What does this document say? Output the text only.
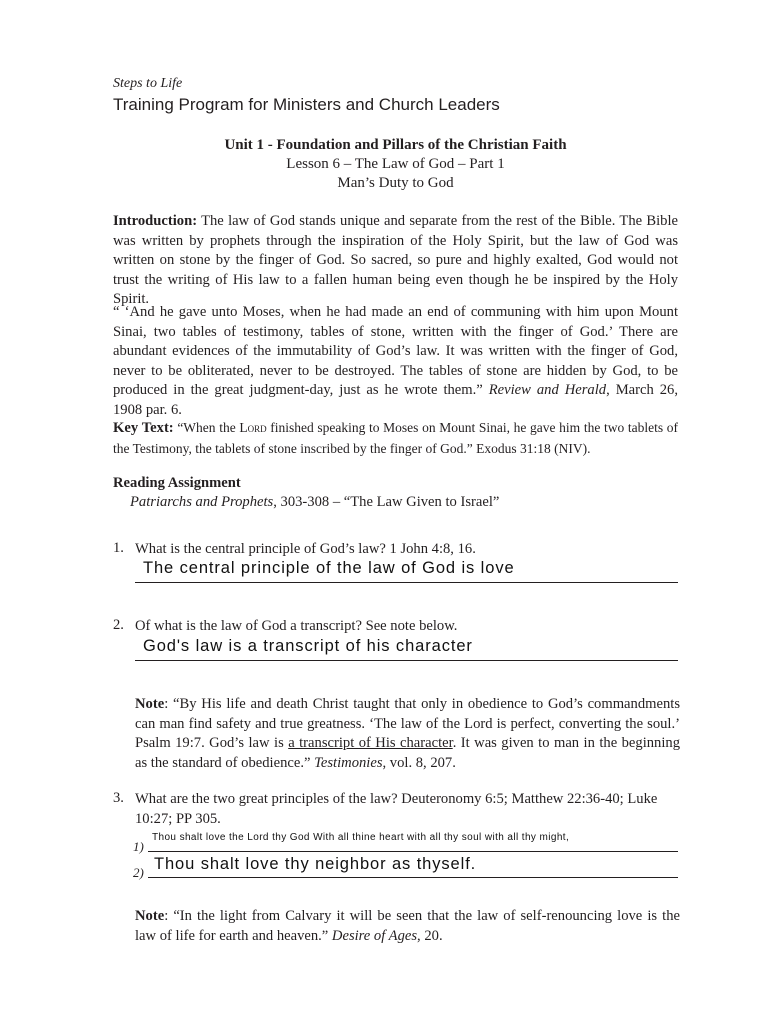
Steps to Life
Training Program for Ministers and Church Leaders
Unit 1 - Foundation and Pillars of the Christian Faith
Lesson 6 – The Law of God – Part 1
Man’s Duty to God
Introduction: The law of God stands unique and separate from the rest of the Bible. The Bible was written by prophets through the inspiration of the Holy Spirit, but the law of God was written on stone by the finger of God. So sacred, so pure and highly exalted, God would not trust the writing of His law to a fallen human being even though he be inspired by the Holy Spirit.
“ ‘And he gave unto Moses, when he had made an end of communing with him upon Mount Sinai, two tables of testimony, tables of stone, written with the finger of God.’ There are abundant evidences of the immutability of God’s law. It was written with the finger of God, never to be obliterated, never to be destroyed. The tables of stone are hidden by God, to be produced in the great judgment-day, just as he wrote them.” Review and Herald, March 26, 1908 par. 6.
Key Text: “When the Lord finished speaking to Moses on Mount Sinai, he gave him the two tablets of the Testimony, the tablets of stone inscribed by the finger of God.” Exodus 31:18 (NIV).
Reading Assignment
Patriarchs and Prophets, 303-308 – “The Law Given to Israel”
1. What is the central principle of God’s law? 1 John 4:8, 16.
The central principle of the law of God is love
2. Of what is the law of God a transcript? See note below.
God's law is a transcript of his character
Note: “By His life and death Christ taught that only in obedience to God’s commandments can man find safety and true greatness. ‘The law of the Lord is perfect, converting the soul.’ Psalm 19:7. God’s law is a transcript of His character. It was given to man in the beginning as the standard of obedience.” Testimonies, vol. 8, 207.
3. What are the two great principles of the law? Deuteronomy 6:5; Matthew 22:36-40; Luke 10:27; PP 305.
Thou shalt love the Lord thy God With all thine heart with all thy soul with all thy might,
1)
Thou shalt love thy neighbor as thyself.
2)
Note: “In the light from Calvary it will be seen that the law of self-renouncing love is the law of life for earth and heaven.” Desire of Ages, 20.
